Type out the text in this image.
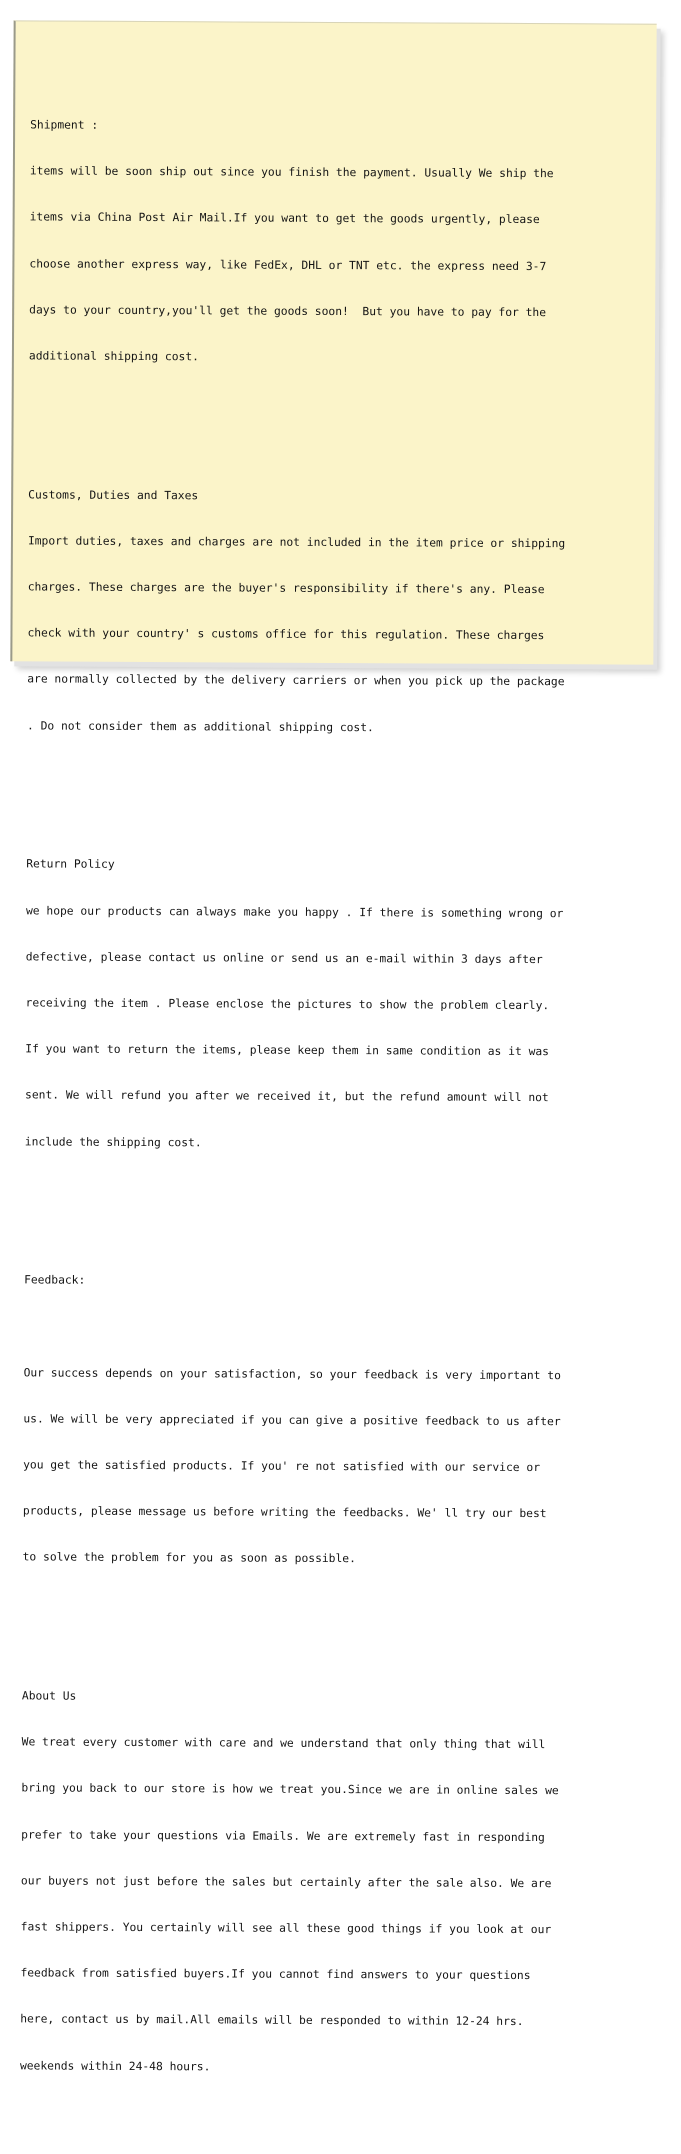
Shipment :

items will be soon ship out since you finish the payment. Usually We ship the

items via China Post Air Mail.If you want to get the goods urgently, please

choose another express way, like FedEx, DHL or TNT etc. the express need 3-7

days to your country,you'll get the goods soon!  But you have to pay for the

additional shipping cost.

Customs, Duties and Taxes

Import duties, taxes and charges are not included in the item price or shipping

charges. These charges are the buyer's responsibility if there's any. Please

check with your country' s customs office for this regulation. These charges

are normally collected by the delivery carriers or when you pick up the package

. Do not consider them as additional shipping cost.

Return Policy

we hope our products can always make you happy . If there is something wrong or

defective, please contact us online or send us an e-mail within 3 days after

receiving the item . Please enclose the pictures to show the problem clearly.

If you want to return the items, please keep them in same condition as it was

sent. We will refund you after we received it, but the refund amount will not

include the shipping cost.

Feedback:

Our success depends on your satisfaction, so your feedback is very important to

us. We will be very appreciated if you can give a positive feedback to us after

you get the satisfied products. If you' re not satisfied with our service or

products, please message us before writing the feedbacks. We' ll try our best

to solve the problem for you as soon as possible.

About Us

We treat every customer with care and we understand that only thing that will

bring you back to our store is how we treat you.Since we are in online sales we

prefer to take your questions via Emails. We are extremely fast in responding

our buyers not just before the sales but certainly after the sale also. We are

fast shippers. You certainly will see all these good things if you look at our

feedback from satisfied buyers.If you cannot find answers to your questions

here, contact us by mail.All emails will be responded to within 12-24 hrs.

weekends within 24-48 hours.
